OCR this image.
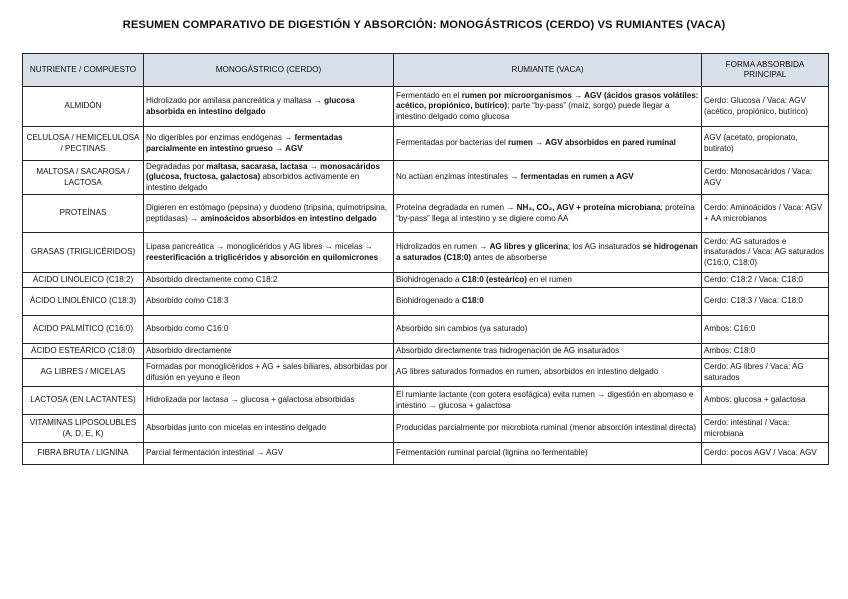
RESUMEN COMPARATIVO DE DIGESTIÓN Y ABSORCIÓN: MONOGÁSTRICOS (CERDO) VS RUMIANTES (VACA)
NUTRIENTE / COMPUESTO	MONOGÁSTRICO (CERDO)	RUMIANTE (VACA)	FORMA ABSORBIDA PRINCIPAL
ALMIDÓN	Hidrolizado por amilasa pancreática y maltasa → glucosa absorbida en intestino delgado	Fermentado en el rumen por microorganismos → AGV (ácidos grasos volátiles: acético, propiónico, butírico); parte “by-pass” (maíz, sorgo) puede llegar a intestino delgado como glucosa	Cerdo: Glucosa / Vaca: AGV (acético, propiónico, butírico)
CELULOSA / HEMICELULOSA / PECTINAS	No digeribles por enzimas endógenas → fermentadas parcialmente en intestino grueso → AGV	Fermentadas por bacterias del rumen → AGV absorbidos en pared ruminal	AGV (acetato, propionato, butirato)
MALTOSA / SACAROSA / LACTOSA	Degradadas por maltasa, sacarasa, lactasa → monosacáridos (glucosa, fructosa, galactosa) absorbidos activamente en intestino delgado	No actúan enzimas intestinales → fermentadas en rumen a AGV	Cerdo: Monosacáridos / Vaca: AGV
PROTEÍNAS	Digieren en estómago (pepsina) y duodeno (tripsina, quimotripsina, peptidasas) → aminoácidos absorbidos en intestino delgado	Proteína degradada en rumen → NH₃, CO₂, AGV + proteína microbiana; proteína “by-pass” llega al intestino y se digiere como AA	Cerdo: Aminoácidos / Vaca: AGV + AA microbianos
GRASAS (TRIGLICÉRIDOS)	Lipasa pancreática → monoglicéridos y AG libres → micelas → reesterificación a triglicéridos y absorción en quilomicrones	Hidrolizados en rumen → AG libres y glicerina; los AG insaturados se hidrogenan a saturados (C18:0) antes de absorberse	Cerdo: AG saturados e insaturados / Vaca: AG saturados (C16:0, C18:0)
ÁCIDO LINOLEICO (C18:2)	Absorbido directamente como C18:2	Biohidrogenado a C18:0 (esteárico) en el rumen	Cerdo: C18:2 / Vaca: C18:0
ÁCIDO LINOLÉNICO (C18:3)	Absorbido como C18:3	Biohidrogenado a C18:0	Cerdo: C18:3 / Vaca: C18:0
ÁCIDO PALMÍTICO (C16:0)	Absorbido como C16:0	Absorbido sin cambios (ya saturado)	Ambos: C16:0
ÁCIDO ESTEÁRICO (C18:0)	Absorbido directamente	Absorbido directamente tras hidrogenación de AG insaturados	Ambos: C18:0
AG LIBRES / MICELAS	Formadas por monoglicéridos + AG + sales biliares, absorbidas por difusión en yeyuno e íleon	AG libres saturados formados en rumen, absorbidos en intestino delgado	Cerdo: AG libres / Vaca: AG saturados
LACTOSA (EN LACTANTES)	Hidrolizada por lactasa → glucosa + galactosa absorbidas	El rumiante lactante (con gotera esofágica) evita rumen → digestión en abomaso e intestino → glucosa + galactosa	Ambos: glucosa + galactosa
VITAMINAS LIPOSOLUBLES (A, D, E, K)	Absorbidas junto con micelas en intestino delgado	Producidas parcialmente por microbiota ruminal (menor absorción intestinal directa)	Cerdo: intestinal / Vaca: microbiana
FIBRA BRUTA / LIGNINA	Parcial fermentación intestinal → AGV	Fermentación ruminal parcial (lignina no fermentable)	Cerdo: pocos AGV / Vaca: AGV
